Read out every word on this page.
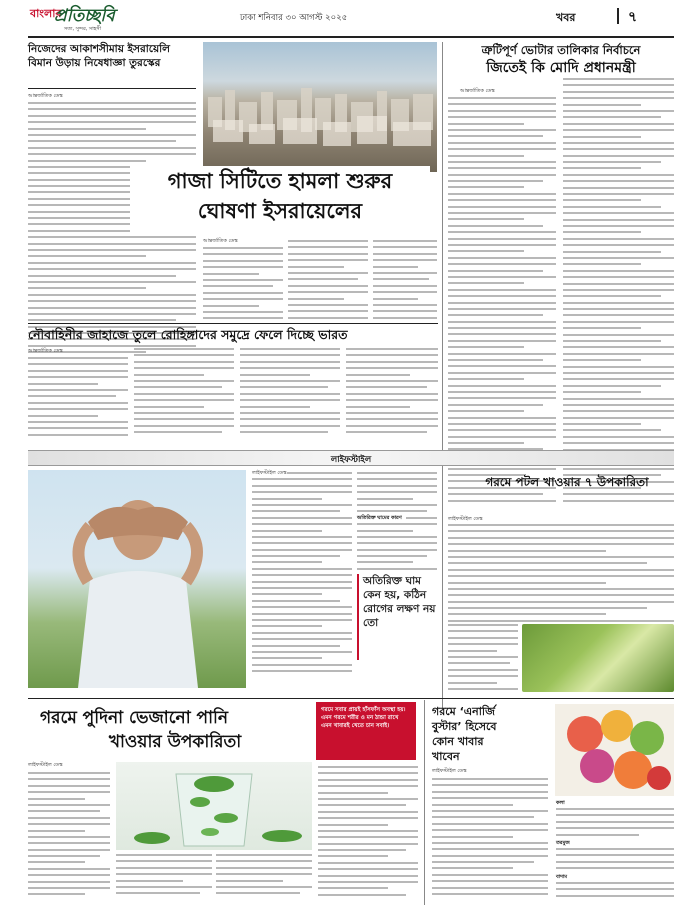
বাংলার
প্রতিচ্ছবি
সত্য, সুন্দর, সাহসী
ঢাকা শনিবার ৩০ আগস্ট ২০২৫	খবর	৭
নিজেদের আকাশসীমায় ইসরায়েলি বিমান উড়ায় নিষেধাজ্ঞা তুরস্কের
আন্তর্জাতিক ডেস্ক
গাজা সিটিতে হামলা শুরুর
ঘোষণা ইসরায়েলের
আন্তর্জাতিক ডেস্ক
ত্রুটিপূর্ণ ভোটার তালিকার নির্বাচনে
জিতেই কি মোদি প্রধানমন্ত্রী
আন্তর্জাতিক ডেস্ক
নৌবাহিনীর জাহাজে তুলে রোহিঙ্গাদের সমুদ্রে ফেলে দিচ্ছে ভারত
আন্তর্জাতিক ডেস্ক
লাইফস্টাইল
লাইফস্টাইল ডেস্ক
অতিরিক্ত ঘামের কারণ
অতিরিক্ত ঘাম কেন হয়, কঠিন রোগের লক্ষণ নয় তো
গরমে পটল খাওয়ার ৭ উপকারিতা
লাইফস্টাইল ডেস্ক
গরমে পুদিনা ভেজানো পানি
খাওয়ার উপকারিতা
গরমে সবার প্রায়ই হাঁসফাঁস অবস্থা হয়। এমন গরমে শরীর ও মন ঠান্ডা রাখে এমন খাবারই খেতে চান সবাই।
লাইফস্টাইল ডেস্ক
গরমে ‘এনার্জি
বুস্টার’ হিসেবে
কোন খাবার
খাবেন
লাইফস্টাইল ডেস্ক
কলা
তরমুজ
বাদাম
